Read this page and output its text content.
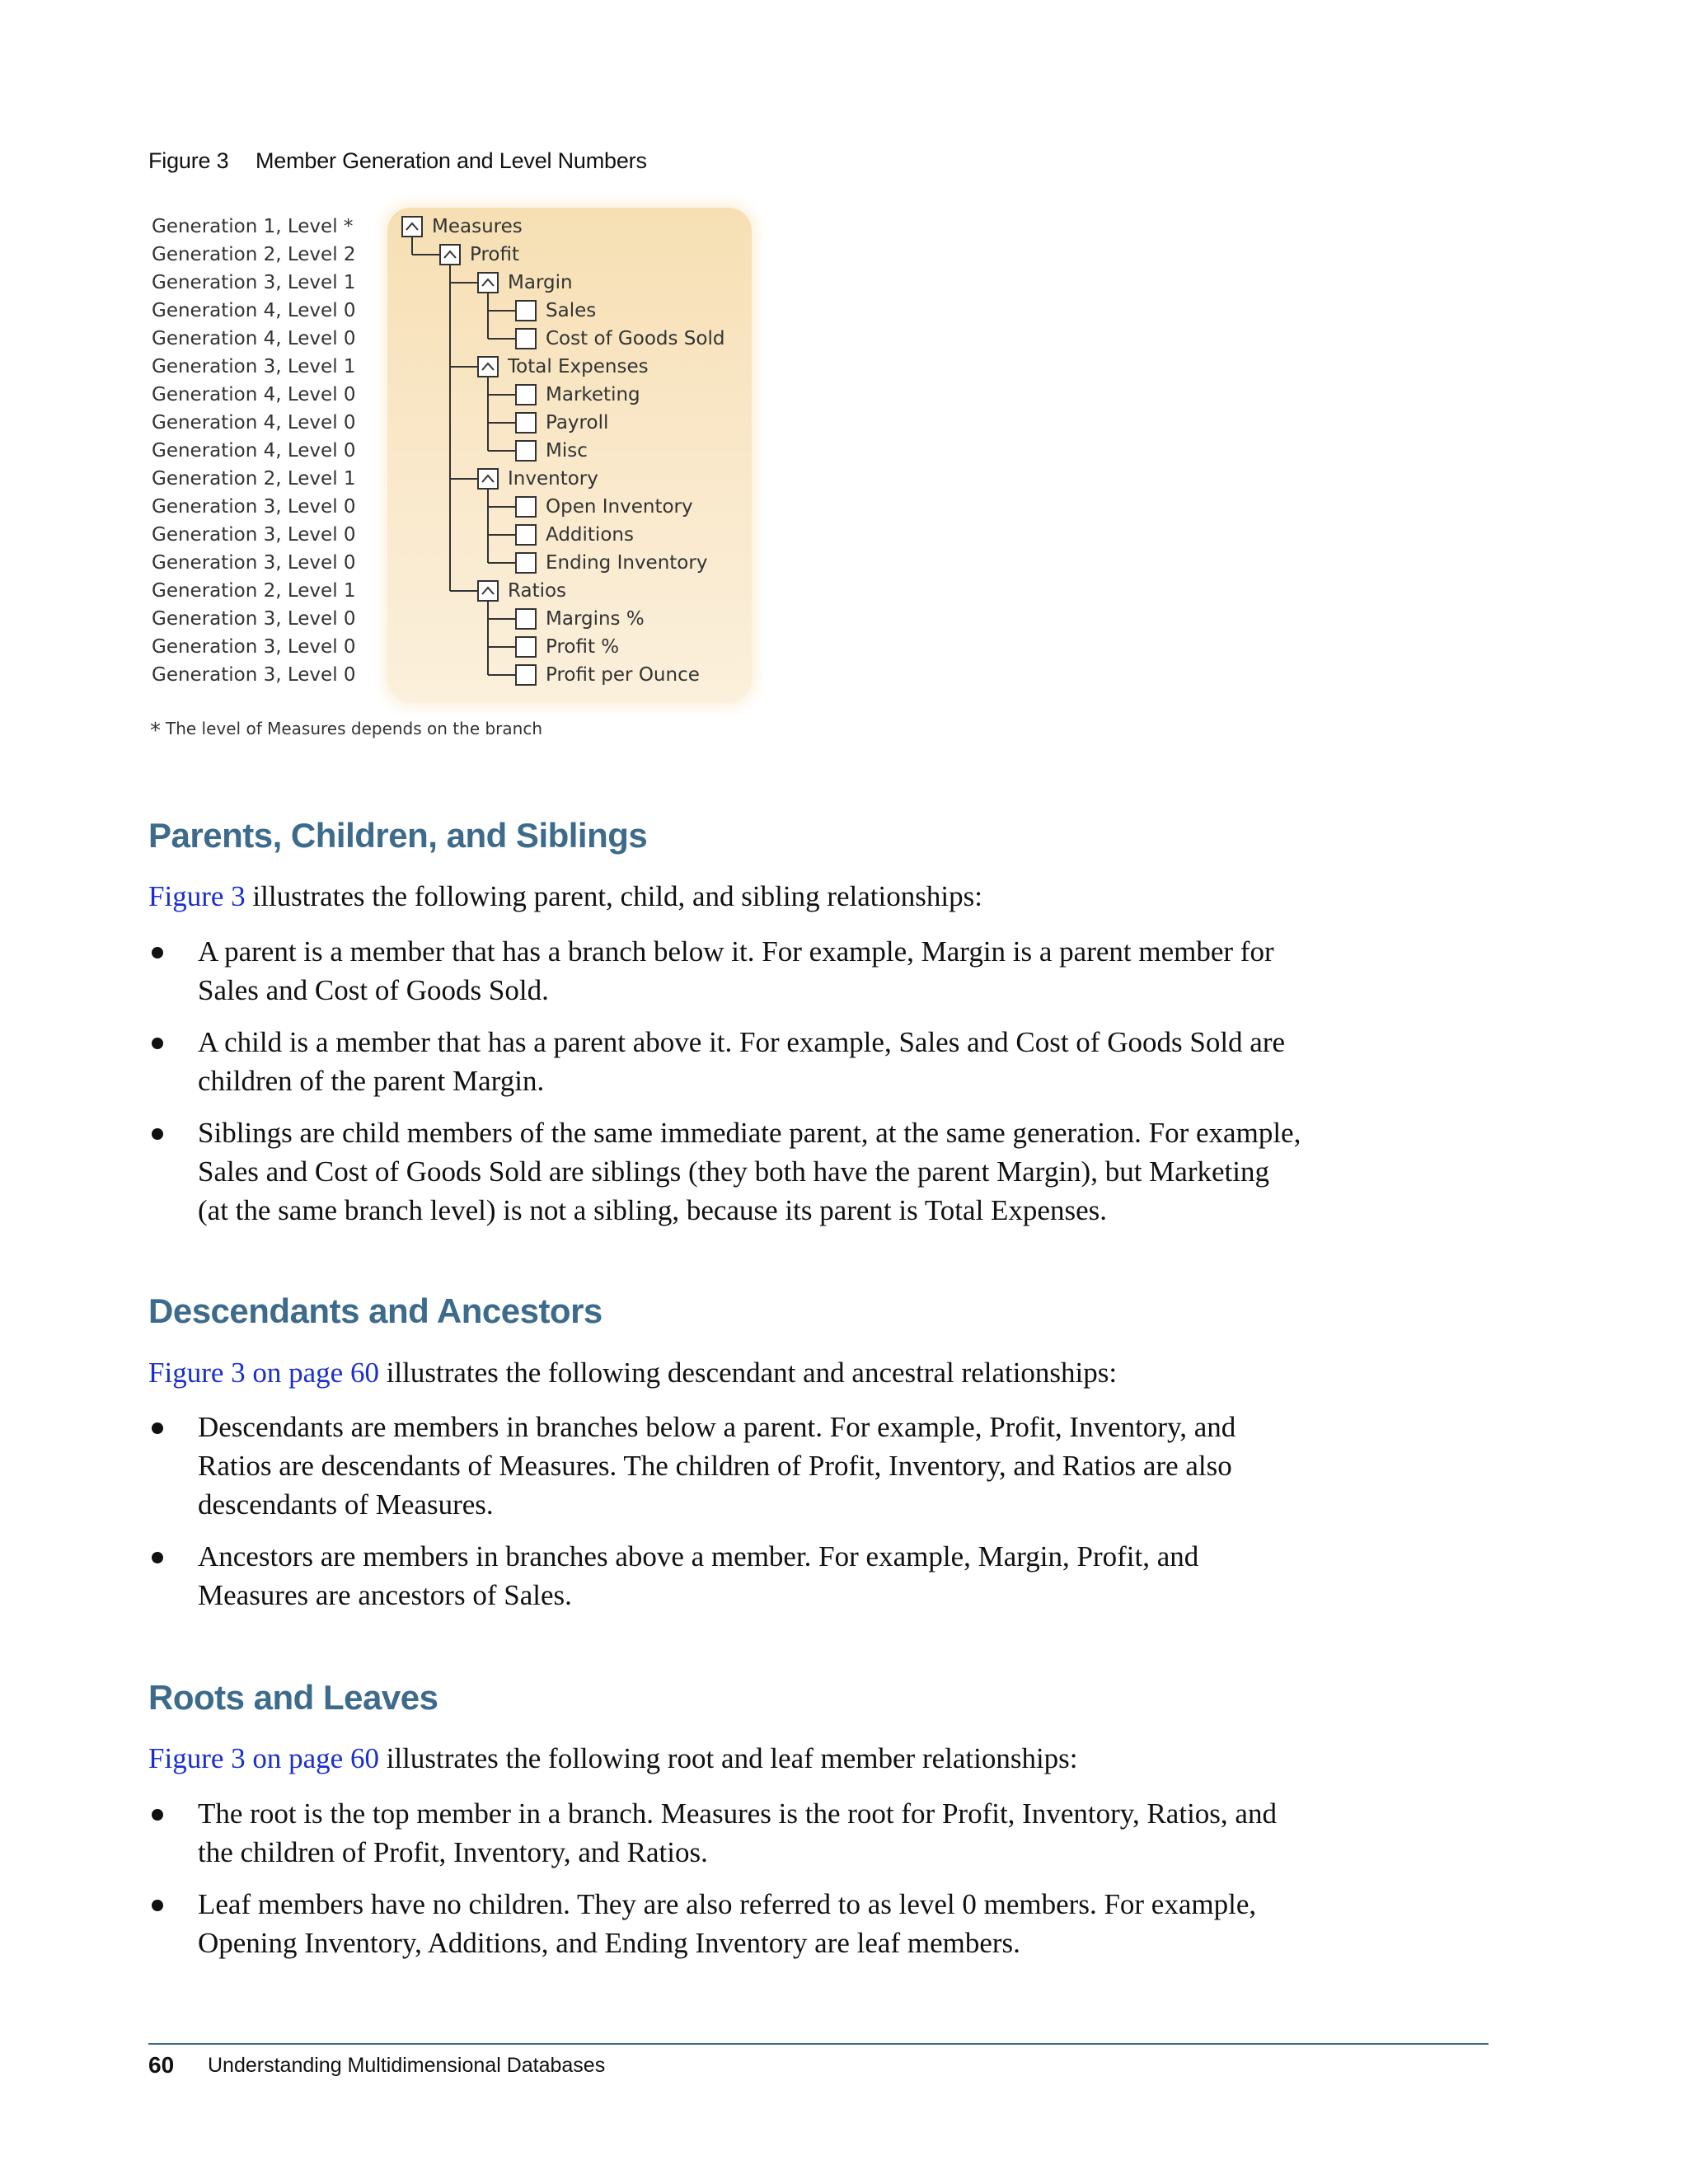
Figure 3 Member Generation and Level Numbers
Generation 1, Level *
Generation 2, Level 2
Generation 3, Level 1
Generation 4, Level 0
Generation 4, Level 0
Generation 3, Level 1
Generation 4, Level 0
Generation 4, Level 0
Generation 4, Level 0
Generation 2, Level 1
Generation 3, Level 0
Generation 3, Level 0
Generation 3, Level 0
Generation 2, Level 1
Generation 3, Level 0
Generation 3, Level 0
Generation 3, Level 0
Measures
Profit
Margin
Sales
Cost of Goods Sold
Total Expenses
Marketing
Payroll
Misc
Inventory
Open Inventory
Additions
Ending Inventory
Ratios
Margins %
Profit %
Profit per Ounce
* The level of Measures depends on the branch
Parents, Children, and Siblings

Figure 3 illustrates the following parent, child, and sibling relationships:

A parent is a member that has a branch below it. For example, Margin is a parent member for Sales and Cost of Goods Sold.
A child is a member that has a parent above it. For example, Sales and Cost of Goods Sold are children of the parent Margin.
Siblings are child members of the same immediate parent, at the same generation. For example, Sales and Cost of Goods Sold are siblings (they both have the parent Margin), but Marketing (at the same branch level) is not a sibling, because its parent is Total Expenses.
Descendants and Ancestors

Figure 3 on page 60 illustrates the following descendant and ancestral relationships:

Descendants are members in branches below a parent. For example, Profit, Inventory, and Ratios are descendants of Measures. The children of Profit, Inventory, and Ratios are also descendants of Measures.
Ancestors are members in branches above a member. For example, Margin, Profit, and Measures are ancestors of Sales.
Roots and Leaves

Figure 3 on page 60 illustrates the following root and leaf member relationships:

The root is the top member in a branch. Measures is the root for Profit, Inventory, Ratios, and the children of Profit, Inventory, and Ratios.
Leaf members have no children. They are also referred to as level 0 members. For example, Opening Inventory, Additions, and Ending Inventory are leaf members.
60 Understanding Multidimensional Databases
